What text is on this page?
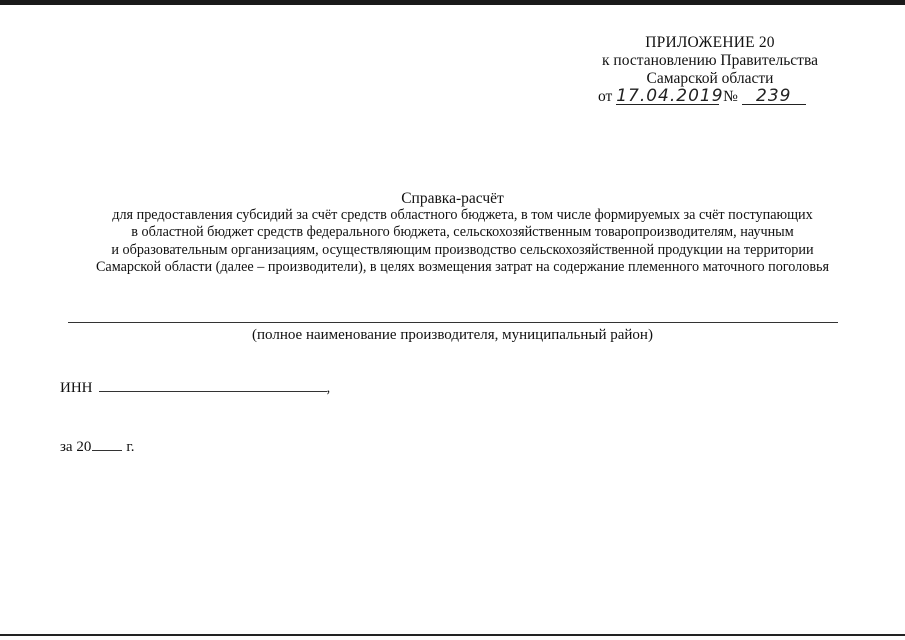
ПРИЛОЖЕНИЕ 20
к постановлению Правительства
Самарской области
от 17.04.2019 № 239
Справка-расчёт
для предоставления субсидий за счёт средств областного бюджета, в том числе формируемых за счёт поступающих
в областной бюджет средств федерального бюджета, сельскохозяйственным товаропроизводителям, научным
и образовательным организациям, осуществляющим производство сельскохозяйственной продукции на территории
Самарской области (далее – производители), в целях возмещения затрат на содержание племенного маточного поголовья
(полное наименование производителя, муниципальный район)
ИНН	,
за 20 г.
